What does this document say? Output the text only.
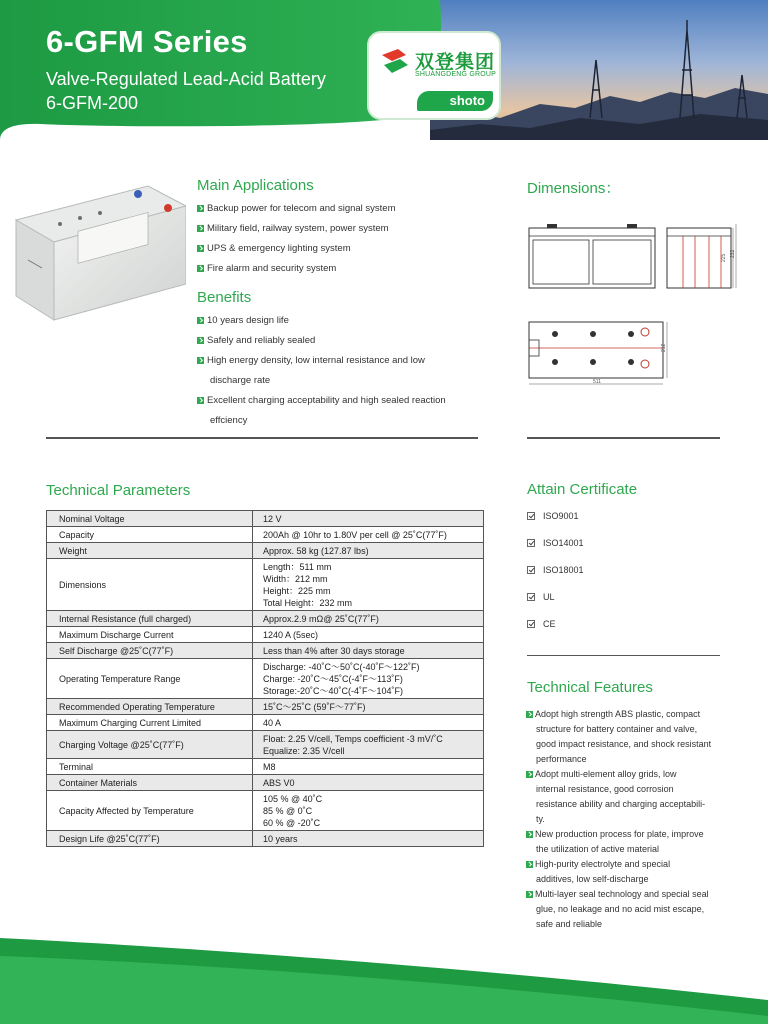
6-GFM Series
Valve-Regulated Lead-Acid Battery
6-GFM-200
双登集团
SHUANGDENG GROUP
shoto
Main Applications
Backup power for telecom and signal system
Military field, railway system, power system
UPS & emergency lighting system
Fire alarm and security system
Benefits
10 years design life
Safely and reliably sealed
High energy density, low internal resistance and low
discharge rate
Excellent charging acceptability and high sealed reaction
effciency
Dimensions：
225 232
511
212
Technical Parameters
Nominal Voltage	12 V

Capacity	200Ah @ 10hr to 1.80V per cell @ 25˚C(77˚F)

Weight	Approx. 58 kg (127.87 lbs)

Dimensions	Length：511 mm
Width：212 mm
Height：225 mm
Total Height：232 mm

Internal Resistance (full charged)	Approx.2.9 mΩ@ 25˚C(77˚F)

Maximum Discharge Current	1240 A (5sec)

Self Discharge @25˚C(77˚F)	Less than 4% after 30 days storage

Operating Temperature Range	Discharge: -40˚C～50˚C(-40˚F～122˚F)
Charge: -20˚C～45˚C(-4˚F～113˚F)
Storage:-20˚C～40˚C(-4˚F～104˚F)

Recommended Operating Temperature	15˚C～25˚C (59˚F～77˚F)

Maximum Charging Current Limited	40 A

Charging Voltage @25˚C(77˚F)	Float: 2.25 V/cell, Temps coefficient -3 mV/˚C
Equalize: 2.35 V/cell

Terminal	M8

Container Materials	ABS V0

Capacity Affected by Temperature	105 % @ 40˚C
85 % @ 0˚C
60 % @ -20˚C

Design Life @25˚C(77˚F)	10 years
Attain Certificate
ISO9001
ISO14001
ISO18001
UL
CE
Technical Features
Adopt high strength ABS plastic, compact
structure for battery container and valve,
good impact resistance, and shock resistant
performance
Adopt multi-element alloy grids, low
internal resistance, good corrosion
resistance ability and charging acceptabili-
ty.
New production process for plate, improve
the utilization of active material
High-purity electrolyte and special
additives, low self-discharge
Multi-layer seal technology and special seal
glue, no leakage and no acid mist escape,
safe and reliable
